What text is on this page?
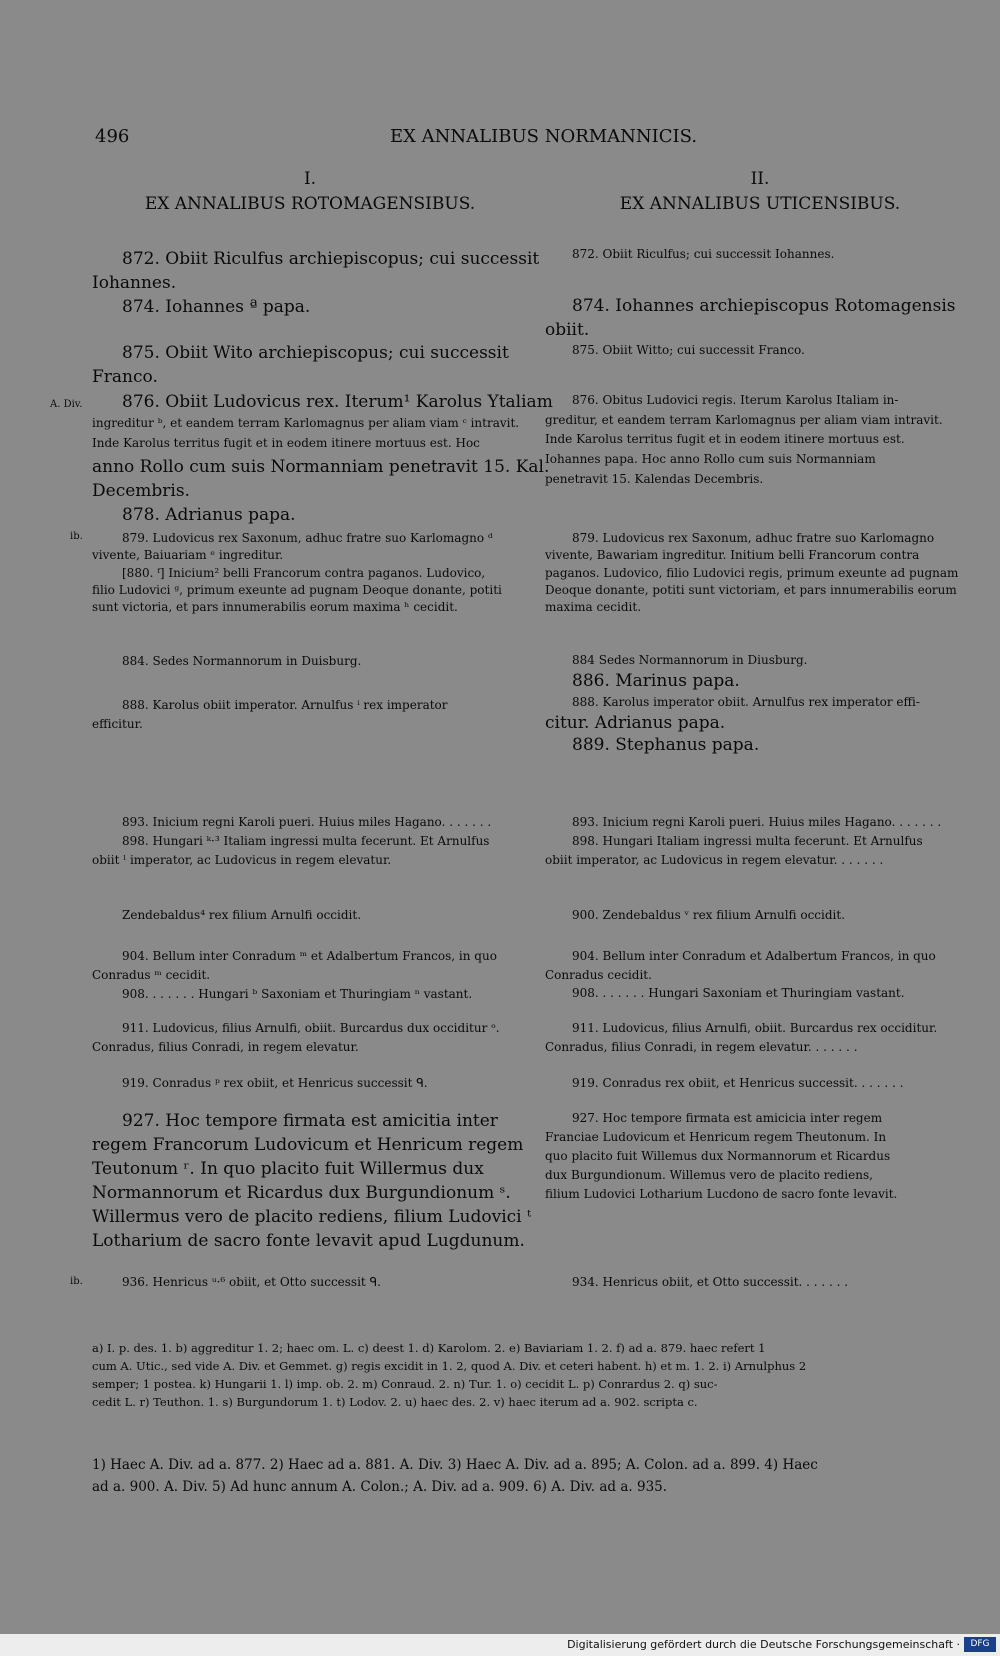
496	EX ANNALIBUS NORMANNICIS.
I.
EX ANNALIBUS ROTOMAGENSIBUS.
II.
EX ANNALIBUS UTICENSIBUS.
A. Div.
ib.
ib.
872. Obiit Riculfus archiepiscopus; cui successit
Iohannes.
874. Iohannes ª papa.
875. Obiit Wito archiepiscopus; cui successit
Franco.
876. Obiit Ludovicus rex. Iterum¹ Karolus Ytaliam
ingreditur ᵇ, et eandem terram Karlomagnus per aliam viam ᶜ intravit.
Inde Karolus territus fugit et in eodem itinere mortuus est. Hoc
anno Rollo cum suis Normanniam penetravit 15. Kal.
Decembris.
878. Adrianus papa.
879. Ludovicus rex Saxonum, adhuc fratre suo Karlomagno ᵈ
vivente, Baiuariam ᵉ ingreditur.
[880. ᶠ] Inicium² belli Francorum contra paganos. Ludovico,
filio Ludovici ᵍ, primum exeunte ad pugnam Deoque donante, potiti
sunt victoria, et pars innumerabilis eorum maxima ʰ cecidit.
884. Sedes Normannorum in Duisburg.
888. Karolus obiit imperator. Arnulfus ⁱ rex imperator
efficitur.
893. Inicium regni Karoli pueri. Huius miles Hagano. . . . . . .
898. Hungari ᵏ·³ Italiam ingressi multa fecerunt. Et Arnulfus
obiit ˡ imperator, ac Ludovicus in regem elevatur.
Zendebaldus⁴ rex filium Arnulfi occidit.
904. Bellum inter Conradum ᵐ et Adalbertum Francos, in quo
Conradus ᵐ cecidit.
908. . . . . . . Hungari ᵇ Saxoniam et Thuringiam ⁿ vastant.
911. Ludovicus, filius Arnulfi, obiit. Burcardus dux occiditur ᵒ.
Conradus, filius Conradi, in regem elevatur.
919. Conradus ᵖ rex obiit, et Henricus successit ᑫ.
927. Hoc tempore firmata est amicitia inter
regem Francorum Ludovicum et Henricum regem
Teutonum ʳ. In quo placito fuit Willermus dux
Normannorum et Ricardus dux Burgundionum ˢ.
Willermus vero de placito rediens, filium Ludovici ᵗ
Lotharium de sacro fonte levavit apud Lugdunum.
936. Henricus ᵘ·⁶ obiit, et Otto successit ᑫ.
872. Obiit Riculfus; cui successit Iohannes.
874. Iohannes archiepiscopus Rotomagensis
obiit.
875. Obiit Witto; cui successit Franco.
876. Obitus Ludovici regis. Iterum Karolus Italiam in-
greditur, et eandem terram Karlomagnus per aliam viam intravit.
Inde Karolus territus fugit et in eodem itinere mortuus est.
Iohannes papa. Hoc anno Rollo cum suis Normanniam
penetravit 15. Kalendas Decembris.
879. Ludovicus rex Saxonum, adhuc fratre suo Karlomagno
vivente, Bawariam ingreditur. Initium belli Francorum contra
paganos. Ludovico, filio Ludovici regis, primum exeunte ad pugnam
Deoque donante, potiti sunt victoriam, et pars innumerabilis eorum
maxima cecidit.
884 Sedes Normannorum in Diusburg.
886. Marinus papa.
888. Karolus imperator obiit. Arnulfus rex imperator effi-
citur. Adrianus papa.
889. Stephanus papa.
893. Inicium regni Karoli pueri. Huius miles Hagano. . . . . . .
898. Hungari Italiam ingressi multa fecerunt. Et Arnulfus
obiit imperator, ac Ludovicus in regem elevatur. . . . . . .
900. Zendebaldus ᵛ rex filium Arnulfi occidit.
904. Bellum inter Conradum et Adalbertum Francos, in quo
Conradus cecidit.
908. . . . . . . Hungari Saxoniam et Thuringiam vastant.
911. Ludovicus, filius Arnulfi, obiit. Burcardus rex occiditur.
Conradus, filius Conradi, in regem elevatur. . . . . . .
919. Conradus rex obiit, et Henricus successit. . . . . . .
927. Hoc tempore firmata est amicicia inter regem
Franciae Ludovicum et Henricum regem Theutonum. In
quo placito fuit Willemus dux Normannorum et Ricardus
dux Burgundionum. Willemus vero de placito rediens,
filium Ludovici Lotharium Lucdono de sacro fonte levavit.
934. Henricus obiit, et Otto successit. . . . . . .
a) I. p. des. 1. b) aggreditur 1. 2; haec om. L. c) deest 1. d) Karolom. 2. e) Baviariam 1. 2. f) ad a. 879. haec refert 1
cum A. Utic., sed vide A. Div. et Gemmet. g) regis excidit in 1. 2, quod A. Div. et ceteri habent. h) et m. 1. 2. i) Arnulphus 2
semper; 1 postea. k) Hungarii 1. l) imp. ob. 2. m) Conraud. 2. n) Tur. 1. o) cecidit L. p) Conrardus 2. q) suc-
cedit L. r) Teuthon. 1. s) Burgundorum 1. t) Lodov. 2. u) haec des. 2. v) haec iterum ad a. 902. scripta c.
1) Haec A. Div. ad a. 877. 2) Haec ad a. 881. A. Div. 3) Haec A. Div. ad a. 895; A. Colon. ad a. 899. 4) Haec
ad a. 900. A. Div. 5) Ad hunc annum A. Colon.; A. Div. ad a. 909. 6) A. Div. ad a. 935.
Digitalisierung gefördert durch die Deutsche Forschungsgemeinschaft ·	DFG
